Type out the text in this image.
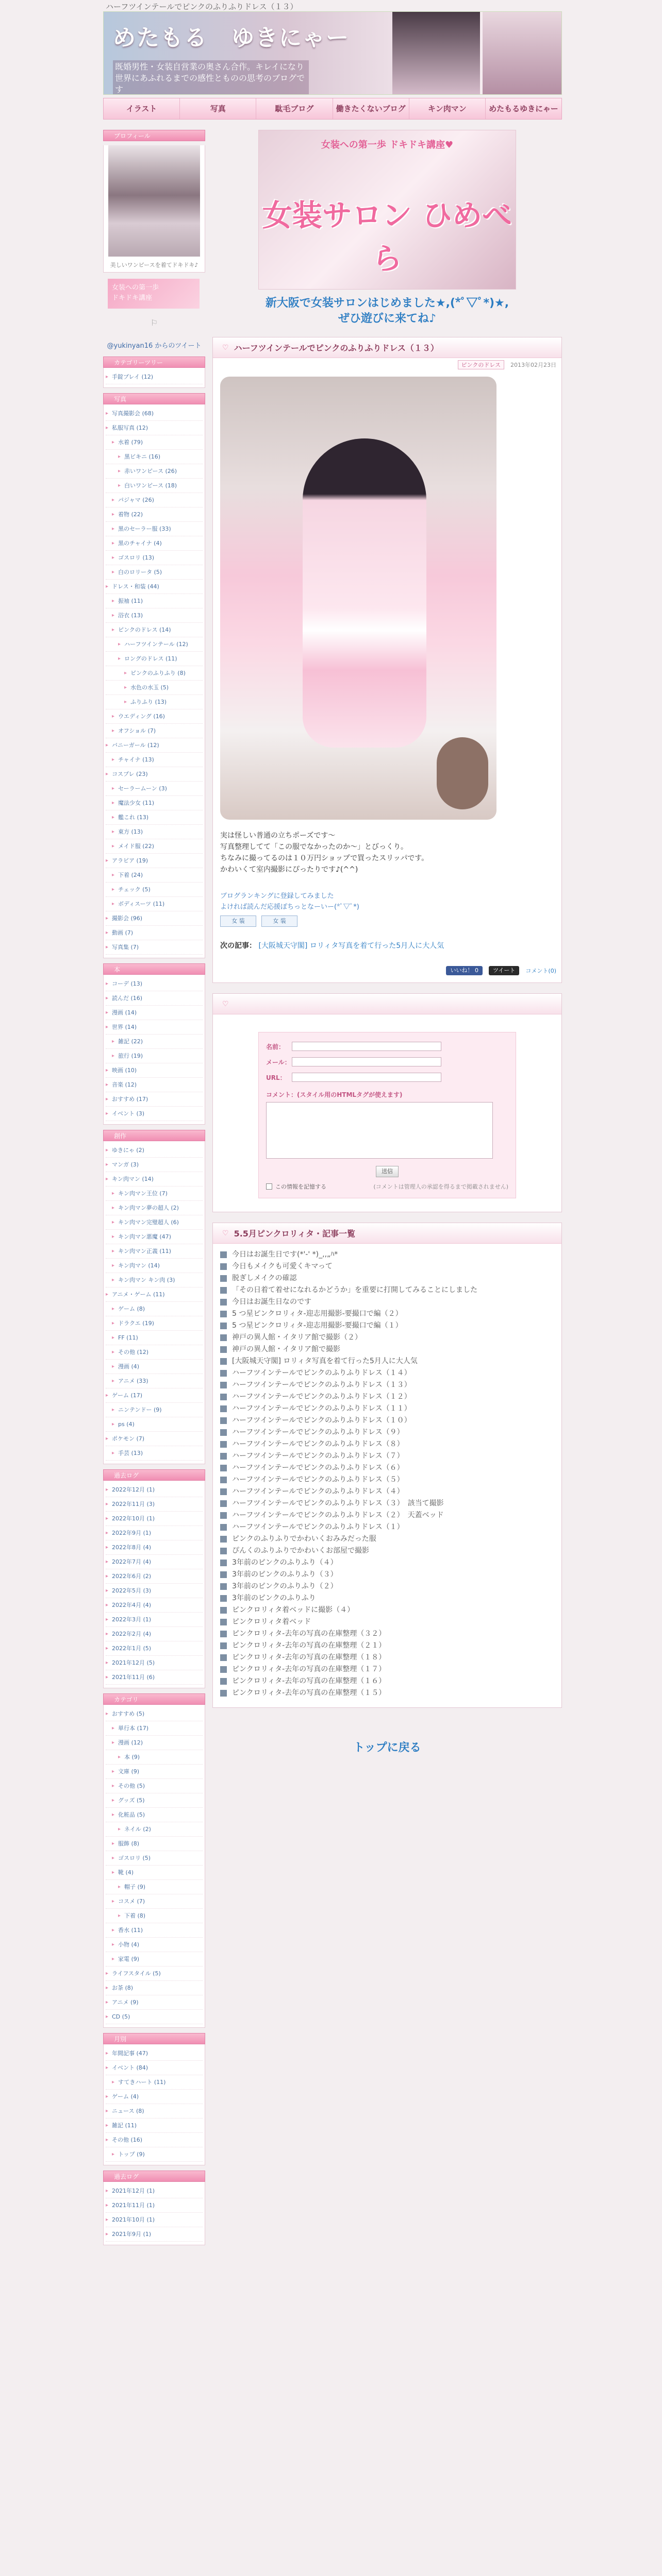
ハーフツインテールでピンクのふりふりドレス（１３）
めたもる　ゆきにゃー
既婚男性・女装自営業の奥さん合作。キレイになり世界にあふれるまでの感性とものの思考のブログです
イラスト	写真	駄毛ブログ	働きたくないブログ	キン肉マン	めたもるゆきにゃー
プロフィール
美しいワンピースを着てドキドキ♪
女装への第一歩
ドキドキ講座
⚐
@yukinyan16 からのツイート
カテゴリーツリー
▸ 手錠プレイ (12)
写真
▸ 写真撮影会 (68)
▸ 私服写真 (12)
▸ 水着 (79)
▸ 黒ビキニ (16)
▸ 赤いワンピース (26)
▸ 白いワンピース (18)
▸ パジャマ (26)
▸ 着物 (22)
▸ 黒のセーラー服 (33)
▸ 黒のチャイナ (4)
▸ ゴスロリ (13)
▸ 白のロリータ (5)
▸ ドレス・和装 (44)
▸ 振袖 (11)
▸ 浴衣 (13)
▸ ピンクのドレス (14)
▸ ハーフツインテール (12)
▸ ロングのドレス (11)
▸ ピンクのふりふり (8)
▸ 水色の水玉 (5)
▸ ふりふり (13)
▸ ウエディング (16)
▸ オフショル (7)
▸ バニーガール (12)
▸ チャイナ (13)
▸ コスプレ (23)
▸ セーラームーン (3)
▸ 魔法少女 (11)
▸ 艦これ (13)
▸ 東方 (13)
▸ メイド服 (22)
▸ アラビア (19)
▸ 下着 (24)
▸ チェック (5)
▸ ボディスーツ (11)
▸ 撮影会 (96)
▸ 動画 (7)
▸ 写真集 (7)
本
▸ コーデ (13)
▸ 読んだ (16)
▸ 漫画 (14)
▸ 世界 (14)
▸ 雑記 (22)
▸ 旅行 (19)
▸ 映画 (10)
▸ 音楽 (12)
▸ おすすめ (17)
▸ イベント (3)
創作
▸ ゆきにゃ (2)
▸ マンガ (3)
▸ キン肉マン (14)
▸ キン肉マン王位 (7)
▸ キン肉マン夢の超人 (2)
▸ キン肉マン完璧超人 (6)
▸ キン肉マン悪魔 (47)
▸ キン肉マン正義 (11)
▸ キン肉マン (14)
▸ キン肉マン キン肉 (3)
▸ アニメ・ゲーム (11)
▸ ゲーム (8)
▸ ドラクエ (19)
▸ FF (11)
▸ その他 (12)
▸ 漫画 (4)
▸ アニメ (33)
▸ ゲーム (17)
▸ ニンテンドー (9)
▸ ps (4)
▸ ポケモン (7)
▸ 手芸 (13)
過去ログ
▸ 2022年12月 (1)
▸ 2022年11月 (3)
▸ 2022年10月 (1)
▸ 2022年9月 (1)
▸ 2022年8月 (4)
▸ 2022年7月 (4)
▸ 2022年6月 (2)
▸ 2022年5月 (3)
▸ 2022年4月 (4)
▸ 2022年3月 (1)
▸ 2022年2月 (4)
▸ 2022年1月 (5)
▸ 2021年12月 (5)
▸ 2021年11月 (6)
カテゴリ
▸ おすすめ (5)
▸ 単行本 (17)
▸ 漫画 (12)
▸ 本 (9)
▸ 文庫 (9)
▸ その他 (5)
▸ グッズ (5)
▸ 化粧品 (5)
▸ ネイル (2)
▸ 服飾 (8)
▸ ゴスロリ (5)
▸ 靴 (4)
▸ 帽子 (9)
▸ コスメ (7)
▸ 下着 (8)
▸ 香水 (11)
▸ 小物 (4)
▸ 家電 (9)
▸ ライフスタイル (5)
▸ お茶 (8)
▸ アニメ (9)
▸ CD (5)
月別
▸ 年間記事 (47)
▸ イベント (84)
▸ すてきハート (11)
▸ ゲーム (4)
▸ ニュース (8)
▸ 雑記 (11)
▸ その他 (16)
▸ トップ (9)
過去ログ
▸ 2021年12月 (1)
▸ 2021年11月 (1)
▸ 2021年10月 (1)
▸ 2021年9月 (1)
女装への第一歩 ドキドキ講座♥
女装サロン ひめべら
新大阪で女装サロンはじめました★,(*ﾟ▽ﾟ*)★,
ぜひ遊びに来てね♪
♡ ハーフツインテールでピンクのふりふりドレス（１３）
ピンクのドレス	2013年02月23日
実は怪しい普通の立ちポーズです〜
写真整理してて「この服でなかったのか〜」とびっくり。
ちなみに撮ってるのは１０万円ショップで買ったスリッパです。
かわいくて室内撮影にぴったりです♪(^^)
ブログランキングに登録してみました
よければ読んだ応援ぽちっとなーいー(*ﾟ▽ﾟ*)
女 装	女 装
次の記事： [大阪城天守閣] ロリィタ写真を着て行った5月人に大人気
いいね！ 0	ツイート	コメント(0)
♡
名前：
メール：
URL：
コメント：(スタイル用のHTMLタグが使えます)
送信
この情報を記憶する	(コメントは管理人の承認を得るまで掲載されません)
♡ 5.5月ピンクロリィタ・記事一覧
今日はお誕生日です(*'-' *)_,,„ﾊ*
今日もメイクも可愛くキマって
脱ぎしメイクの確認
「その日着て着せになれるかどうか」を重要に打開してみることにしました
今日はお誕生日なのです
5 つ星ピンクロリィタ-迎志用撮影-要撮口で編（２）
5 つ星ピンクロリィタ-迎志用撮影-要撮口で編（１）
神戸の異人館・イタリア館で撮影（２）
神戸の異人館・イタリア館で撮影
[大阪城天守閣] ロリィタ写真を着て行った5月人に大人気
ハーフツインテールでピンクのふりふりドレス（１４）
ハーフツインテールでピンクのふりふりドレス（１３）
ハーフツインテールでピンクのふりふりドレス（１２）
ハーフツインテールでピンクのふりふりドレス（１１）
ハーフツインテールでピンクのふりふりドレス（１０）
ハーフツインテールでピンクのふりふりドレス（９）
ハーフツインテールでピンクのふりふりドレス（８）
ハーフツインテールでピンクのふりふりドレス（７）
ハーフツインテールでピンクのふりふりドレス（６）
ハーフツインテールでピンクのふりふりドレス（５）
ハーフツインテールでピンクのふりふりドレス（４）
ハーフツインテールでピンクのふりふりドレス（３）　該当て撮影
ハーフツインテールでピンクのふりふりドレス（２）　天蓋ベッド
ハーフツインテールでピンクのふりふりドレス（１）
ピンクのふりふりでかわいくおみみだった服
ぴんくのふりふりでかわいくお部屋で撮影
3年前のピンクのふりふり（４）
3年前のピンクのふりふり（３）
3年前のピンクのふりふり（２）
3年前のピンクのふりふり
ピンクロリィタ着ベッドに撮影（４）
ピンクロリィタ着ベッド
ピンクロリィタ-去年の写真の在庫整理（３２）
ピンクロリィタ-去年の写真の在庫整理（２１）
ピンクロリィタ-去年の写真の在庫整理（１８）
ピンクロリィタ-去年の写真の在庫整理（１７）
ピンクロリィタ-去年の写真の在庫整理（１６）
ピンクロリィタ-去年の写真の在庫整理（１５）
トップに戻る
